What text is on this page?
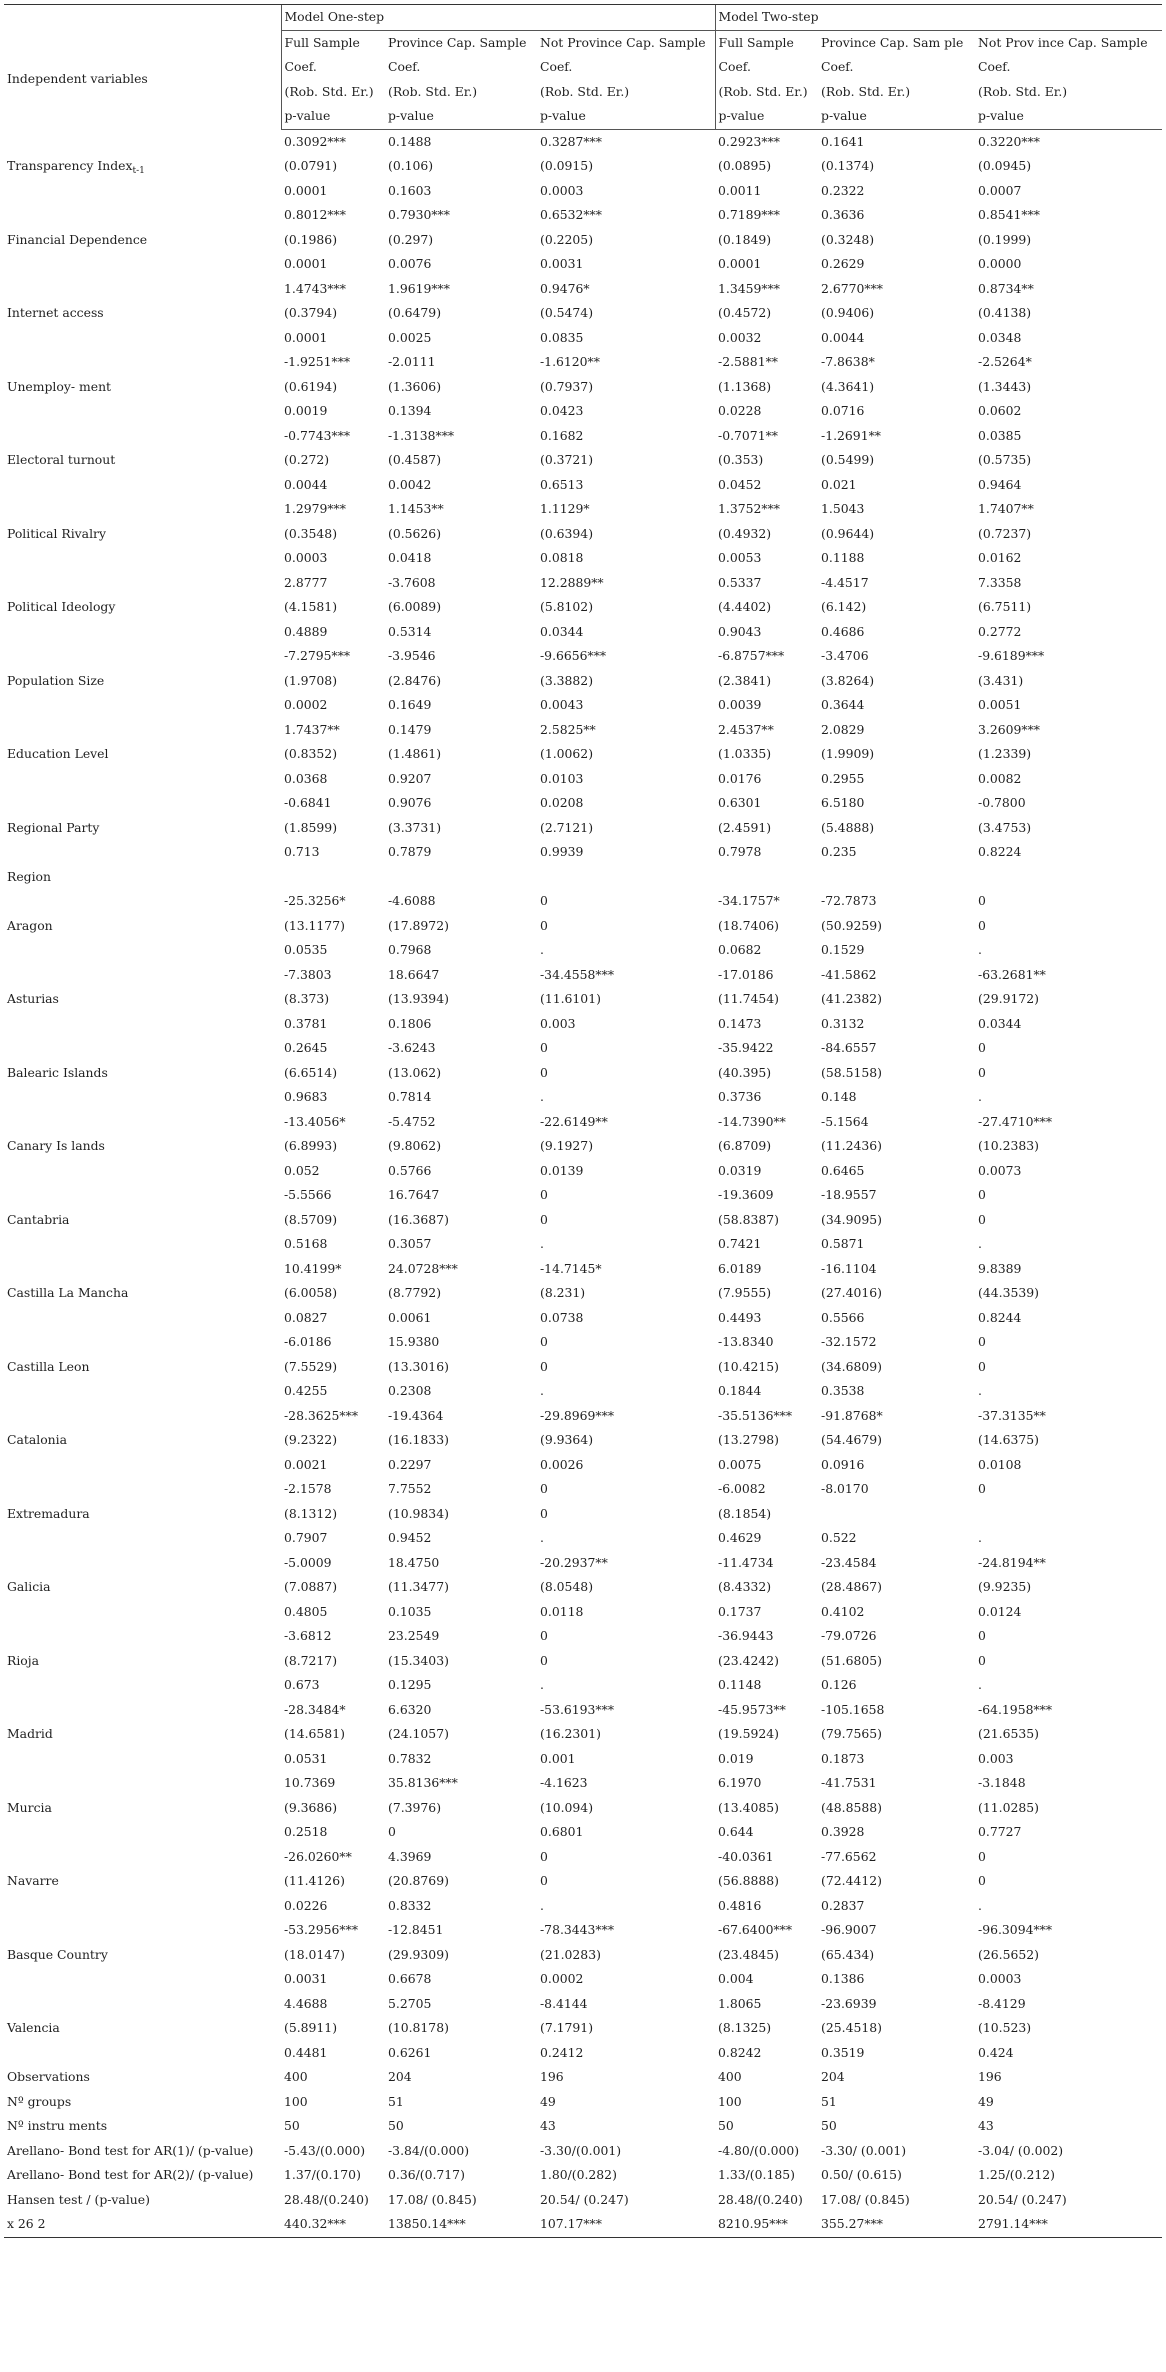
	Model One-step			Model Two-step		
Independent variables	Full Sample	Province Cap. Sample	Not Province Cap. Sample	Full Sample	Province Cap. Sam ple	Not Prov ince Cap. Sample
	Coef.	Coef.	Coef.	Coef.	Coef.	Coef.
	(Rob. Std. Er.)	(Rob. Std. Er.)	(Rob. Std. Er.)	(Rob. Std. Er.)	(Rob. Std. Er.)	(Rob. Std. Er.)
	p-value	p-value	p-value	p-value	p-value	p-value
	0.3092***	0.1488	0.3287***	0.2923***	0.1641	0.3220***
Transparency Index$_{t-1}$	(0.0791)	(0.106)	(0.0915)	(0.0895)	(0.1374)	(0.0945)
	0.0001	0.1603	0.0003	0.0011	0.2322	0.0007
	0.8012***	0.7930***	0.6532***	0.7189***	0.3636	0.8541***
Financial Dependence	(0.1986)	(0.297)	(0.2205)	(0.1849)	(0.3248)	(0.1999)
	0.0001	0.0076	0.0031	0.0001	0.2629	0.0000
	1.4743***	1.9619***	0.9476*	1.3459***	2.6770***	0.8734**
Internet access	(0.3794)	(0.6479)	(0.5474)	(0.4572)	(0.9406)	(0.4138)
	0.0001	0.0025	0.0835	0.0032	0.0044	0.0348
	-1.9251***	-2.0111	-1.6120**	-2.5881**	-7.8638*	-2.5264*
Unemploy- ment	(0.6194)	(1.3606)	(0.7937)	(1.1368)	(4.3641)	(1.3443)
	0.0019	0.1394	0.0423	0.0228	0.0716	0.0602
	-0.7743***	-1.3138***	0.1682	-0.7071**	-1.2691**	0.0385
Electoral turnout	(0.272)	(0.4587)	(0.3721)	(0.353)	(0.5499)	(0.5735)
	0.0044	0.0042	0.6513	0.0452	0.021	0.9464
	1.2979***	1.1453**	1.1129*	1.3752***	1.5043	1.7407**
Political Rivalry	(0.3548)	(0.5626)	(0.6394)	(0.4932)	(0.9644)	(0.7237)
	0.0003	0.0418	0.0818	0.0053	0.1188	0.0162
	2.8777	-3.7608	12.2889**	0.5337	-4.4517	7.3358
Political Ideology	(4.1581)	(6.0089)	(5.8102)	(4.4402)	(6.142)	(6.7511)
	0.4889	0.5314	0.0344	0.9043	0.4686	0.2772
	-7.2795***	-3.9546	-9.6656***	-6.8757***	-3.4706	-9.6189***
Population Size	(1.9708)	(2.8476)	(3.3882)	(2.3841)	(3.8264)	(3.431)
	0.0002	0.1649	0.0043	0.0039	0.3644	0.0051
	1.7437**	0.1479	2.5825**	2.4537**	2.0829	3.2609***
Education Level	(0.8352)	(1.4861)	(1.0062)	(1.0335)	(1.9909)	(1.2339)
	0.0368	0.9207	0.0103	0.0176	0.2955	0.0082
	-0.6841	0.9076	0.0208	0.6301	6.5180	-0.7800
Regional Party	(1.8599)	(3.3731)	(2.7121)	(2.4591)	(5.4888)	(3.4753)
	0.713	0.7879	0.9939	0.7978	0.235	0.8224
Region						
	-25.3256*	-4.6088	0	-34.1757*	-72.7873	0
Aragon	(13.1177)	(17.8972)	0	(18.7406)	(50.9259)	0
	0.0535	0.7968	.	0.0682	0.1529	.
	-7.3803	18.6647	-34.4558***	-17.0186	-41.5862	-63.2681**
Asturias	(8.373)	(13.9394)	(11.6101)	(11.7454)	(41.2382)	(29.9172)
	0.3781	0.1806	0.003	0.1473	0.3132	0.0344
	0.2645	-3.6243	0	-35.9422	-84.6557	0
Balearic Islands	(6.6514)	(13.062)	0	(40.395)	(58.5158)	0
	0.9683	0.7814	.	0.3736	0.148	.
	-13.4056*	-5.4752	-22.6149**	-14.7390**	-5.1564	-27.4710***
Canary Is lands	(6.8993)	(9.8062)	(9.1927)	(6.8709)	(11.2436)	(10.2383)
	0.052	0.5766	0.0139	0.0319	0.6465	0.0073
	-5.5566	16.7647	0	-19.3609	-18.9557	0
Cantabria	(8.5709)	(16.3687)	0	(58.8387)	(34.9095)	0
	0.5168	0.3057	.	0.7421	0.5871	.
	10.4199*	24.0728***	-14.7145*	6.0189	-16.1104	9.8389
Castilla La Mancha	(6.0058)	(8.7792)	(8.231)	(7.9555)	(27.4016)	(44.3539)
	0.0827	0.0061	0.0738	0.4493	0.5566	0.8244
	-6.0186	15.9380	0	-13.8340	-32.1572	0
Castilla Leon	(7.5529)	(13.3016)	0	(10.4215)	(34.6809)	0
	0.4255	0.2308	.	0.1844	0.3538	.
	-28.3625***	-19.4364	-29.8969***	-35.5136***	-91.8768*	-37.3135**
Catalonia	(9.2322)	(16.1833)	(9.9364)	(13.2798)	(54.4679)	(14.6375)
	0.0021	0.2297	0.0026	0.0075	0.0916	0.0108
	-2.1578	7.7552	0	-6.0082	-8.0170	0
Extremadura	(8.1312)	(10.9834)	0	(8.1854)		
	0.7907	0.9452	.	0.4629	0.522	.
	-5.0009	18.4750	-20.2937**	-11.4734	-23.4584	-24.8194**
Galicia	(7.0887)	(11.3477)	(8.0548)	(8.4332)	(28.4867)	(9.9235)
	0.4805	0.1035	0.0118	0.1737	0.4102	0.0124
	-3.6812	23.2549	0	-36.9443	-79.0726	0
Rioja	(8.7217)	(15.3403)	0	(23.4242)	(51.6805)	0
	0.673	0.1295	.	0.1148	0.126	.
	-28.3484*	6.6320	-53.6193***	-45.9573**	-105.1658	-64.1958***
Madrid	(14.6581)	(24.1057)	(16.2301)	(19.5924)	(79.7565)	(21.6535)
	0.0531	0.7832	0.001	0.019	0.1873	0.003
	10.7369	35.8136***	-4.1623	6.1970	-41.7531	-3.1848
Murcia	(9.3686)	(7.3976)	(10.094)	(13.4085)	(48.8588)	(11.0285)
	0.2518	0	0.6801	0.644	0.3928	0.7727
	-26.0260**	4.3969	0	-40.0361	-77.6562	0
Navarre	(11.4126)	(20.8769)	0	(56.8888)	(72.4412)	0
	0.0226	0.8332	.	0.4816	0.2837	.
	-53.2956***	-12.8451	-78.3443***	-67.6400***	-96.9007	-96.3094***
Basque Country	(18.0147)	(29.9309)	(21.0283)	(23.4845)	(65.434)	(26.5652)
	0.0031	0.6678	0.0002	0.004	0.1386	0.0003
	4.4688	5.2705	-8.4144	1.8065	-23.6939	-8.4129
Valencia	(5.8911)	(10.8178)	(7.1791)	(8.1325)	(25.4518)	(10.523)
	0.4481	0.6261	0.2412	0.8242	0.3519	0.424
Observations	400	204	196	400	204	196
Nº groups	100	51	49	100	51	49
Nº instru ments	50	50	43	50	50	43
Arellano- Bond test for AR(1)/ (p-value)	-5.43/(0.000)	-3.84/(0.000)	-3.30/(0.001)	-4.80/(0.000)	-3.30/ (0.001)	-3.04/ (0.002)
Arellano- Bond test for AR(2)/ (p-value)	1.37/(0.170)	0.36/(0.717)	1.80/(0.282)	1.33/(0.185)	0.50/ (0.615)	1.25/(0.212)
Hansen test / (p-value)	28.48/(0.240)	17.08/ (0.845)	20.54/ (0.247)	28.48/(0.240)	17.08/ (0.845)	20.54/ (0.247)
x 26 2	440.32***	13850.14***	107.17***	8210.95***	355.27***	2791.14***
